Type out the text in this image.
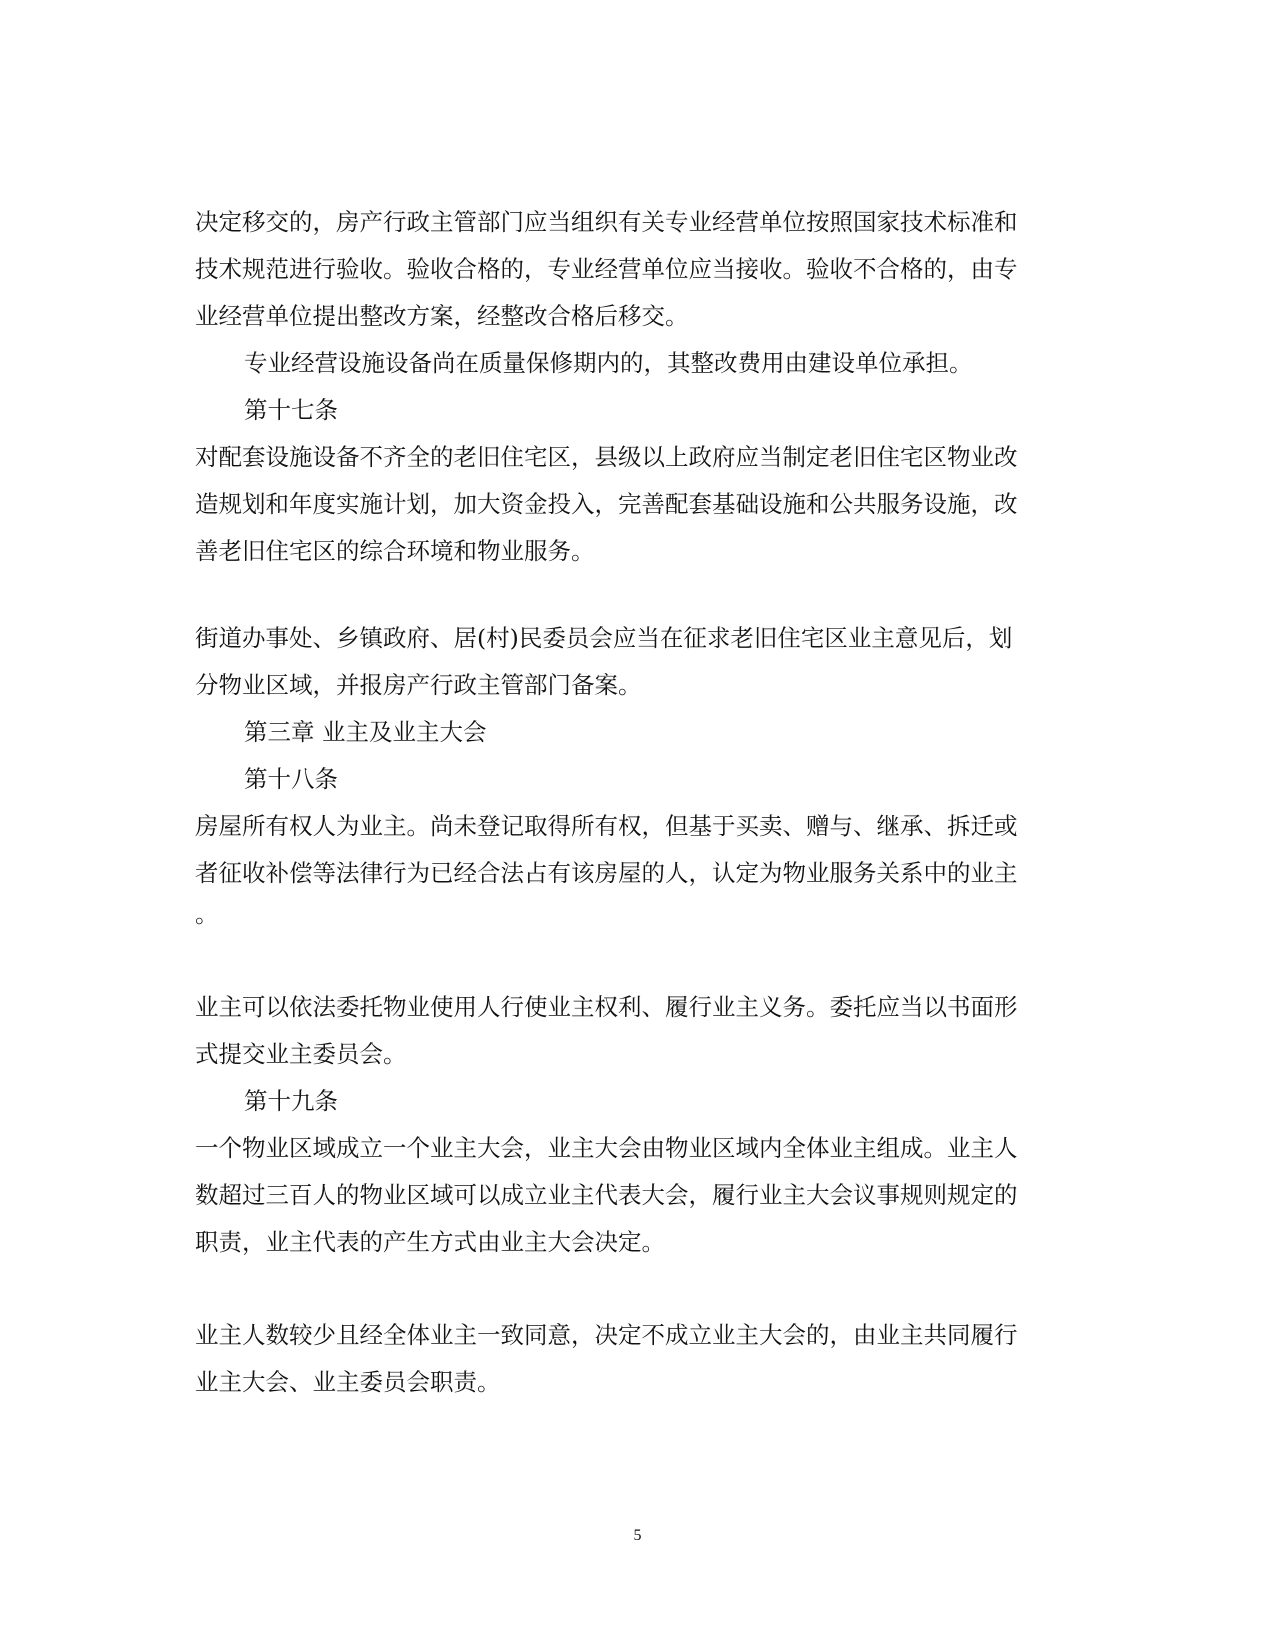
决定移交的，房产行政主管部门应当组织有关专业经营单位按照国家技术标准和
技术规范进行验收。验收合格的，专业经营单位应当接收。验收不合格的，由专
业经营单位提出整改方案，经整改合格后移交。
专业经营设施设备尚在质量保修期内的，其整改费用由建设单位承担。
第十七条
对配套设施设备不齐全的老旧住宅区，县级以上政府应当制定老旧住宅区物业改
造规划和年度实施计划，加大资金投入，完善配套基础设施和公共服务设施，改
善老旧住宅区的综合环境和物业服务。
街道办事处、乡镇政府、居(村)民委员会应当在征求老旧住宅区业主意见后，划
分物业区域，并报房产行政主管部门备案。
第三章 业主及业主大会
第十八条
房屋所有权人为业主。尚未登记取得所有权，但基于买卖、赠与、继承、拆迁或
者征收补偿等法律行为已经合法占有该房屋的人，认定为物业服务关系中的业主
。
业主可以依法委托物业使用人行使业主权利、履行业主义务。委托应当以书面形
式提交业主委员会。
第十九条
一个物业区域成立一个业主大会，业主大会由物业区域内全体业主组成。业主人
数超过三百人的物业区域可以成立业主代表大会，履行业主大会议事规则规定的
职责，业主代表的产生方式由业主大会决定。
业主人数较少且经全体业主一致同意，决定不成立业主大会的，由业主共同履行
业主大会、业主委员会职责。
5
